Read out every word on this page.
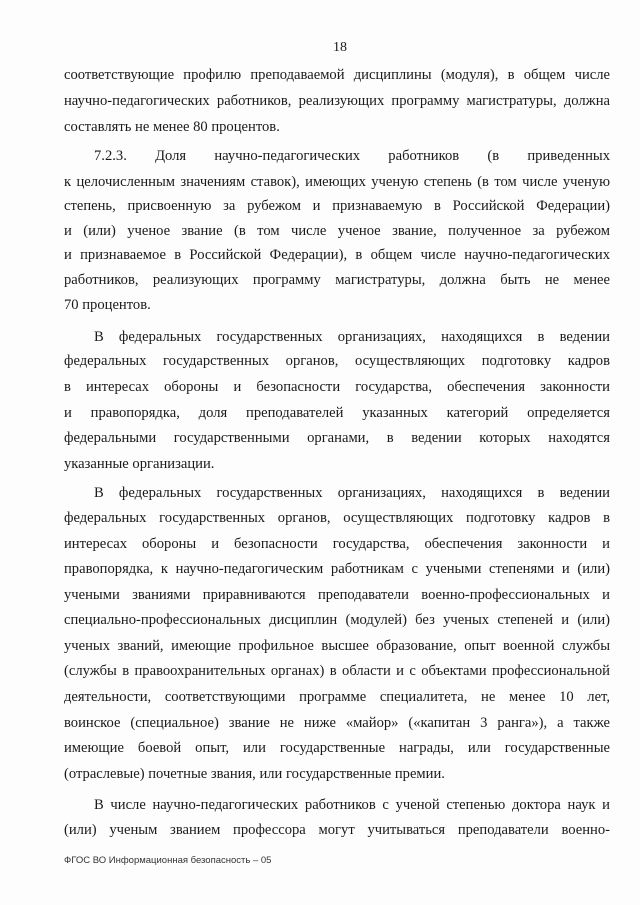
18
соответствующие профилю преподаваемой дисциплины (модуля), в общем числе
научно-педагогических работников, реализующих программу магистратуры, должна
составлять не менее 80 процентов.
7.2.3. Доля научно-педагогических работников (в приведенных
к целочисленным значениям ставок), имеющих ученую степень (в том числе ученую
степень, присвоенную за рубежом и признаваемую в Российской Федерации)
и (или) ученое звание (в том числе ученое звание, полученное за рубежом
и признаваемое в Российской Федерации), в общем числе научно-педагогических
работников, реализующих программу магистратуры, должна быть не менее
70 процентов.
В федеральных государственных организациях, находящихся в ведении
федеральных государственных органов, осуществляющих подготовку кадров
в интересах обороны и безопасности государства, обеспечения законности
и правопорядка, доля преподавателей указанных категорий определяется
федеральными государственными органами, в ведении которых находятся
указанные организации.
В федеральных государственных организациях, находящихся в ведении
федеральных государственных органов, осуществляющих подготовку кадров в
интересах обороны и безопасности государства, обеспечения законности и
правопорядка, к научно-педагогическим работникам с учеными степенями и (или)
учеными званиями приравниваются преподаватели военно-профессиональных и
специально-профессиональных дисциплин (модулей) без ученых степеней и (или)
ученых званий, имеющие профильное высшее образование, опыт военной службы
(службы в правоохранительных органах) в области и с объектами профессиональной
деятельности, соответствующими программе специалитета, не менее 10 лет,
воинское (специальное) звание не ниже «майор» («капитан 3 ранга»), а также
имеющие боевой опыт, или государственные награды, или государственные
(отраслевые) почетные звания, или государственные премии.
В числе научно-педагогических работников с ученой степенью доктора наук и
(или) ученым званием профессора могут учитываться преподаватели военно-
ФГОС ВО Информационная безопасность – 05
